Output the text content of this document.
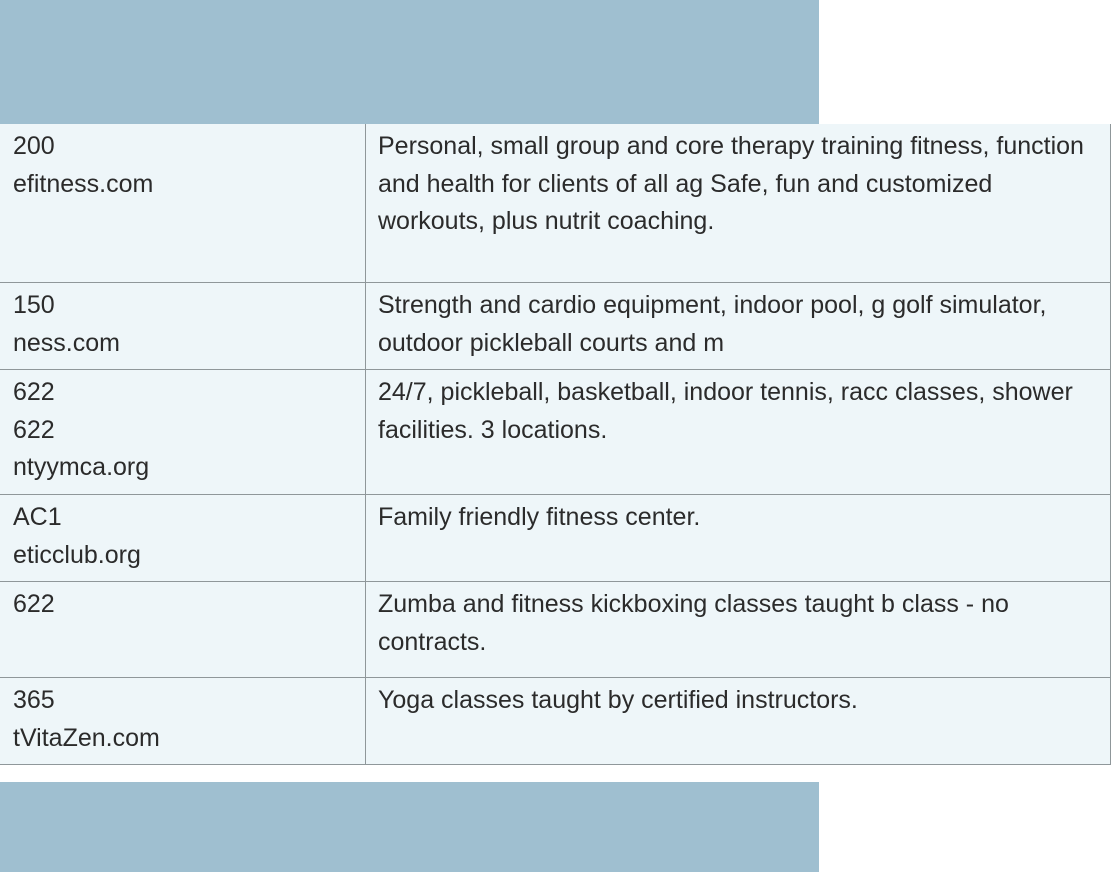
200
efitness.com	Personal, small group and core therapy training fitness, function and health for clients of all ag Safe, fun and customized workouts, plus nutrit coaching.
150
ness.com	Strength and cardio equipment, indoor pool, g golf simulator, outdoor pickleball courts and m
622
622
ntyymca.org	24/7, pickleball, basketball, indoor tennis, racc classes, shower facilities. 3 locations.
AC1
eticclub.org	Family friendly fitness center.
622	Zumba and fitness kickboxing classes taught b class - no contracts.
365
tVitaZen.com	Yoga classes taught by certified instructors.
